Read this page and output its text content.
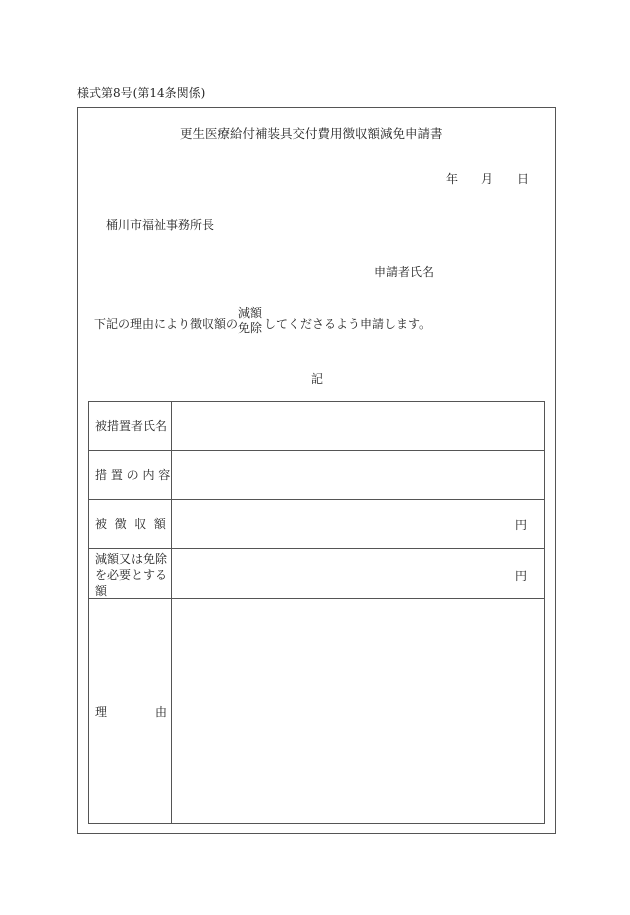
様式第8号(第14条関係)
更生医療給付補装具交付費用徴収額減免申請書
年 月 日
桶川市福祉事務所長
申請者氏名
下記の理由により徴収額の
減額
免除 してくださるよう申請します。
記
被措置者氏名
措 置 の 内 容
被  徴  収  額	円
減額又は免除
を必要とする
額
円
理	由
